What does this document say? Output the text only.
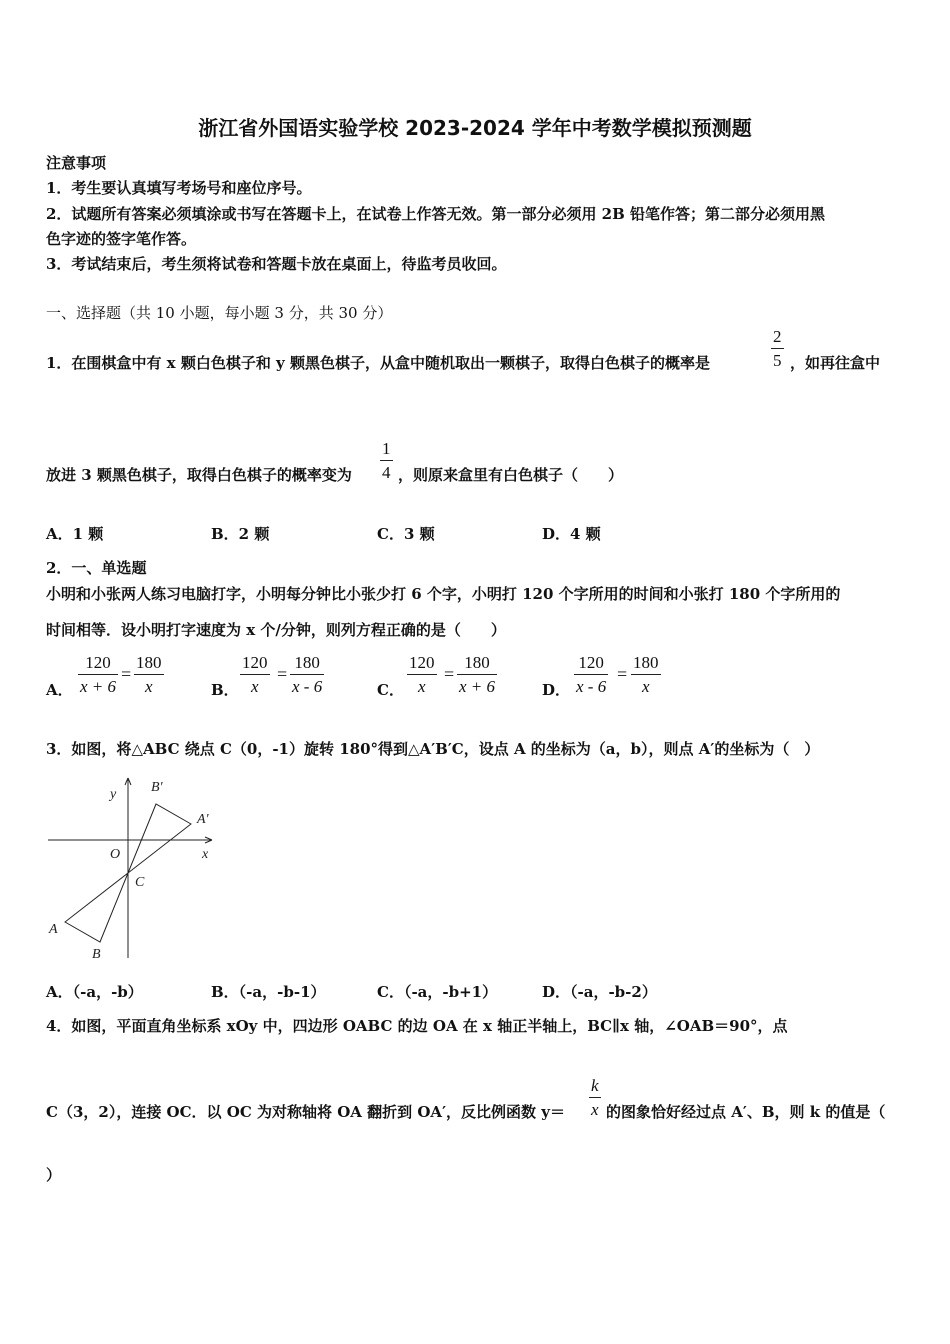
浙江省外国语实验学校 2023-2024 学年中考数学模拟预测题
注意事项
1．考生要认真填写考场号和座位序号。
2．试题所有答案必须填涂或书写在答题卡上，在试卷上作答无效。第一部分必须用 2B 铅笔作答；第二部分必须用黑
色字迹的签字笔作答。
3．考试结束后，考生须将试卷和答题卡放在桌面上，待监考员收回。
一、选择题（共 10 小题，每小题 3 分，共 30 分）
1．在围棋盒中有 x 颗白色棋子和 y 颗黑色棋子，从盒中随机取出一颗棋子，取得白色棋子的概率是
2
5 ，如再往盒中
放进 3 颗黑色棋子，取得白色棋子的概率变为
1
4 ，则原来盒里有白色棋子（　　）
A．1 颗	B．2 颗	C．3 颗	D．4 颗
2．一、单选题
小明和小张两人练习电脑打字，小明每分钟比小张少打 6 个字，小明打 120 个字所用的时间和小张打 180 个字所用的
时间相等．设小明打字速度为 x 个/分钟，则列方程正确的是（　　）
A．
120
x + 6
=
180
x	B．
120
x
=
180
x - 6	C．
120
x
=
180
x + 6	D．
120
x - 6
=
180
x
3．如图，将△ABC 绕点 C（0，-1）旋转 180°得到△A′B′C，设点 A 的坐标为（a，b），则点 A′的坐标为（　）
y
x
O
C
A
B
A'
B'
A．（-a，-b）	B．（-a，-b-1）	C．（-a，-b+1）	D．（-a，-b-2）
4．如图，平面直角坐标系 xOy 中，四边形 OABC 的边 OA 在 x 轴正半轴上，BC∥x 轴，∠OAB＝90°，点
C（3，2），连接 OC．以 OC 为对称轴将 OA 翻折到 OA′，反比例函数 y＝
k
x 的图象恰好经过点 A′、B，则 k 的值是（
）
